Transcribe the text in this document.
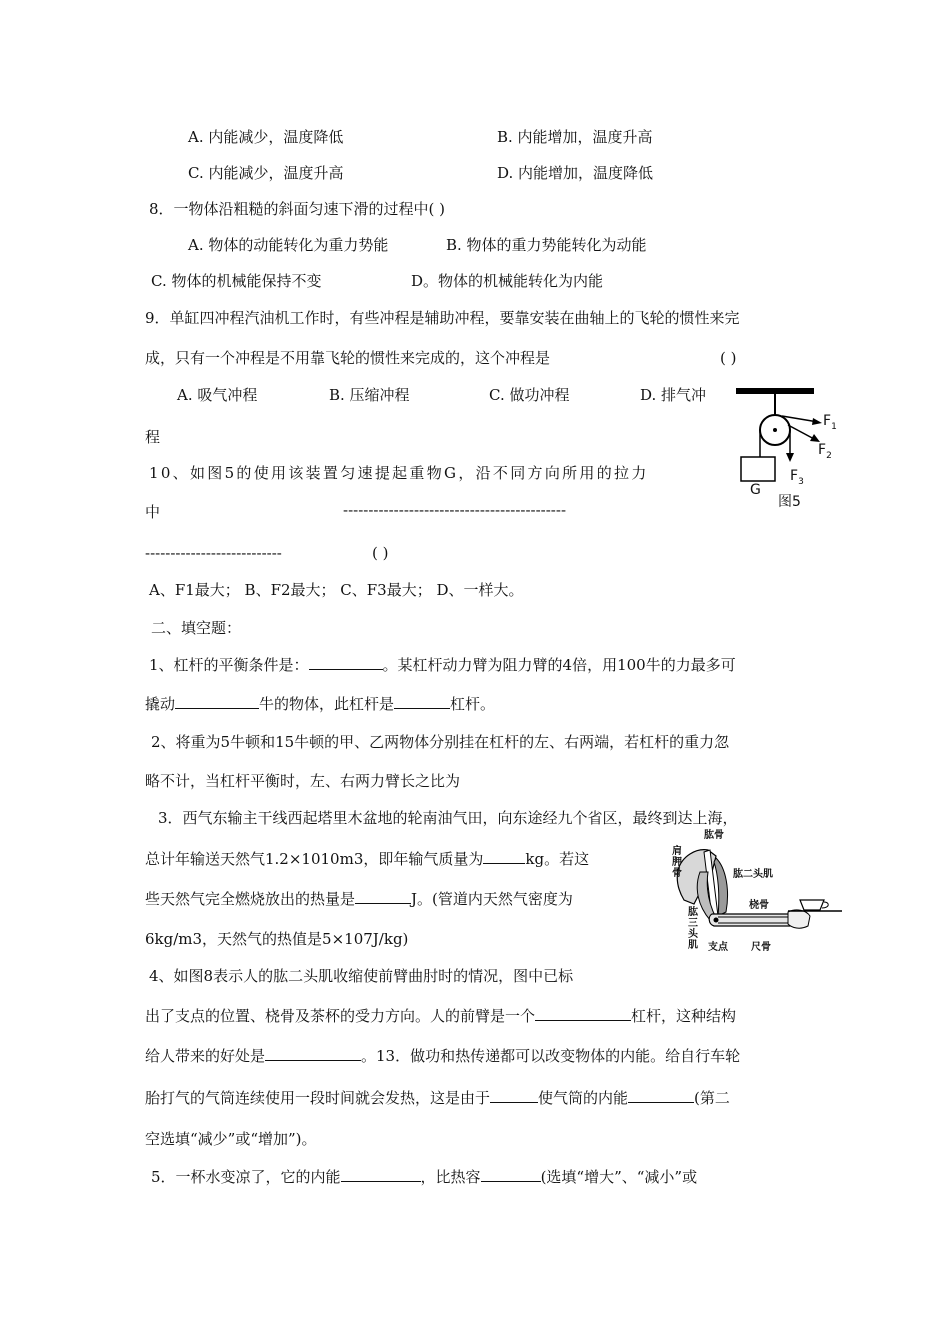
A. 内能减少，温度降低	B. 内能增加，温度升高
C. 内能减少，温度升高	D. 内能增加，温度降低
8．一物体沿粗糙的斜面匀速下滑的过程中( )
A. 物体的动能转化为重力势能	B. 物体的重力势能转化为动能
C. 物体的机械能保持不变	D。物体的机械能转化为内能
9．单缸四冲程汽油机工作时，有些冲程是辅助冲程，要靠安装在曲轴上的飞轮的惯性来完
成，只有一个冲程是不用靠飞轮的惯性来完成的，这个冲程是	( )
A. 吸气冲程	B. 压缩冲程	C. 做功冲程	D. 排气冲
程
10、如图5的使用该装置匀速提起重物G，沿不同方向所用的拉力
中	--------------------------------------------
---------------------------	( )
A、F1最大； B、F2最大； C、F3最大； D、一样大。
$F_1$
$F_2$
$F_3$
G
图5
二、填空题：
1、杠杆的平衡条件是：	。某杠杆动力臂为阻力臂的4倍，用100牛的力最多可
撬动	牛的物体，此杠杆是	杠杆。
2、将重为5牛顿和15牛顿的甲、乙两物体分别挂在杠杆的左、右两端，若杠杆的重力忽
略不计，当杠杆平衡时，左、右两力臂长之比为
3．西气东输主干线西起塔里木盆地的轮南油气田，向东途经九个省区，最终到达上海，
总计年输送天然气1.2×1010m3，即年输气质量为	kg。若这
些天然气完全燃烧放出的热量是	J。(管道内天然气密度为
6kg/m3，天然气的热值是5×107J/kg)
肱骨
肩
胛
骨	肱二头肌
肱
三
头
肌
桡骨
支点 尺骨
4、如图8表示人的肱二头肌收缩使前臂曲肘时的情况，图中已标
出了支点的位置、桡骨及茶杯的受力方向。人的前臂是一个	杠杆，这种结构
给人带来的好处是	。13．做功和热传递都可以改变物体的内能。给自行车轮
胎打气的气筒连续使用一段时间就会发热，这是由于	使气筒的内能	(第二
空选填“减少”或“增加”)。
5．一杯水变凉了，它的内能	，比热容	(选填“增大”、“减小”或
